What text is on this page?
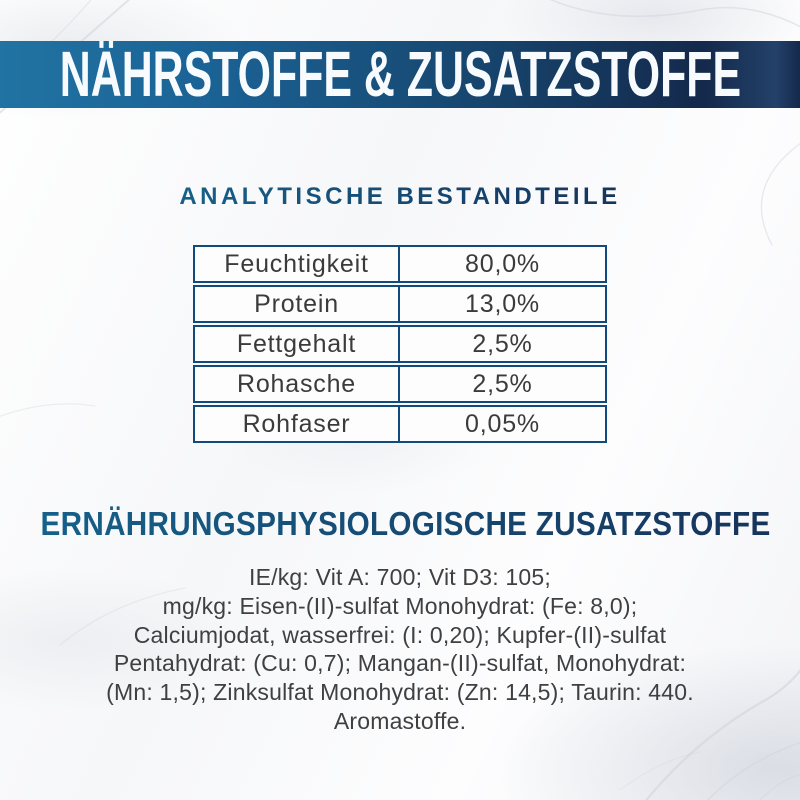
NÄHRSTOFFE & ZUSATZSTOFFE
ANALYTISCHE BESTANDTEILE
Feuchtigkeit	80,0%
Protein	13,0%
Fettgehalt	2,5%
Rohasche	2,5%
Rohfaser	0,05%
ERNÄHRUNGSPHYSIOLOGISCHE ZUSATZSTOFFE
IE/kg: Vit A: 700; Vit D3: 105;
mg/kg: Eisen-(II)-sulfat Monohydrat: (Fe: 8,0);
Calciumjodat, wasserfrei: (I: 0,20); Kupfer-(II)-sulfat
Pentahydrat: (Cu: 0,7); Mangan-(II)-sulfat, Monohydrat:
(Mn: 1,5); Zinksulfat Monohydrat: (Zn: 14,5); Taurin: 440.
Aromastoffe.
